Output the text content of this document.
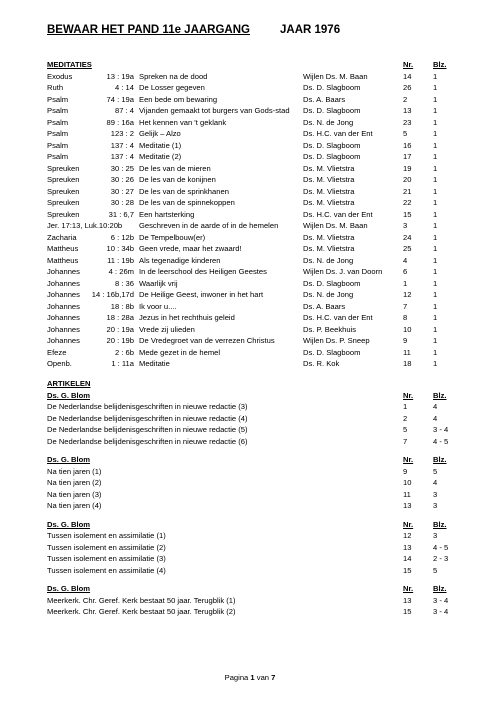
BEWAAR HET PAND 11e JAARGANG	JAAR 1976
MEDITATIES	Nr.	Blz.
Exodus	13 : 19a Spreken na de dood	Wijlen Ds. M. Baan	14	1
Ruth	4 : 14 De Losser gegeven	Ds. D. Slagboom	26	1
Psalm	74 : 19a Een bede om bewaring	Ds. A. Baars	2	1
Psalm	87 : 4 Vijanden gemaakt tot burgers van Gods-stad Ds. D. Slagboom	13	1
Psalm	89 : 16a Het kennen van 't geklank	Ds. N. de Jong	23	1
Psalm	123 : 2 Gelijk – Alzo	Ds. H.C. van der Ent	5	1
Psalm	137 : 4 Meditatie (1)	Ds. D. Slagboom	16	1
Psalm	137 : 4 Meditatie (2)	Ds. D. Slagboom	17	1
Spreuken	30 : 25 De les van de mieren	Ds. M. Vlietstra	19	1
Spreuken	30 : 26 De les van de konijnen	Ds. M. Vlietstra	20	1
Spreuken	30 : 27 De les van de sprinkhanen	Ds. M. Vlietstra	21	1
Spreuken	30 : 28 De les van de spinnekoppen	Ds. M. Vlietstra	22	1
Spreuken	31 : 6,7 Een hartsterking	Ds. H.C. van der Ent	15	1
Jer. 17:13, Luk.10:20b Geschreven in de aarde of in de hemelen	Wijlen Ds. M. Baan	3	1
Zacharia	6 : 12b De Tempelbouw(er)	Ds. M. Vlietstra	24	1
Mattheus	10 : 34b Geen vrede, maar het zwaard!	Ds. M. Vlietstra	25	1
Mattheus	11 : 19b Als tegenadige kinderen	Ds. N. de Jong	4	1
Johannes	4 : 26m In de leerschool des Heiligen Geestes	Wijlen Ds. J. van Doorn	6	1
Johannes	8 : 36 Waarlijk vrij	Ds. D. Slagboom	1	1
Johannes	14 : 16b,17d De Heilige Geest, inwoner in het hart	Ds. N. de Jong	12	1
Johannes	18 : 8b Ik voor u....	Ds. A. Baars	7	1
Johannes	18 : 28a Jezus in het rechthuis geleid	Ds. H.C. van der Ent	8	1
Johannes	20 : 19a Vrede zij ulieden	Ds. P. Beekhuis	10	1
Johannes	20 : 19b De Vredegroet van de verrezen Christus	Wijlen Ds. P. Sneep	9	1
Efeze	2 : 6b Mede gezet in de hemel	Ds. D. Slagboom	11	1
Openb.	1 : 11a Meditatie	Ds. R. Kok	18	1
ARTIKELEN
Ds. G. Blom	Nr.	Blz.
De Nederlandse belijdenisgeschriften in nieuwe redactie (3)	1	4
De Nederlandse belijdenisgeschriften in nieuwe redactie (4)	2	4
De Nederlandse belijdenisgeschriften in nieuwe redactie (5)	5	3 - 4
De Nederlandse belijdenisgeschriften in nieuwe redactie (6)	7	4 - 5
Ds. G. Blom	Nr.	Blz.
Na tien jaren (1)	9	5
Na tien jaren (2)	10	4
Na tien jaren (3)	11	3
Na tien jaren (4)	13	3
Ds. G. Blom	Nr.	Blz.
Tussen isolement en assimilatie (1)	12	3
Tussen isolement en assimilatie (2)	13	4 - 5
Tussen isolement en assimilatie (3)	14	2 - 3
Tussen isolement en assimilatie (4)	15	5
Ds. G. Blom	Nr.	Blz.
Meerkerk. Chr. Geref. Kerk bestaat 50 jaar. Terugblik (1)	13	3 - 4
Meerkerk. Chr. Geref. Kerk bestaat 50 jaar. Terugblik (2)	15	3 - 4
Pagina 1 van 7
